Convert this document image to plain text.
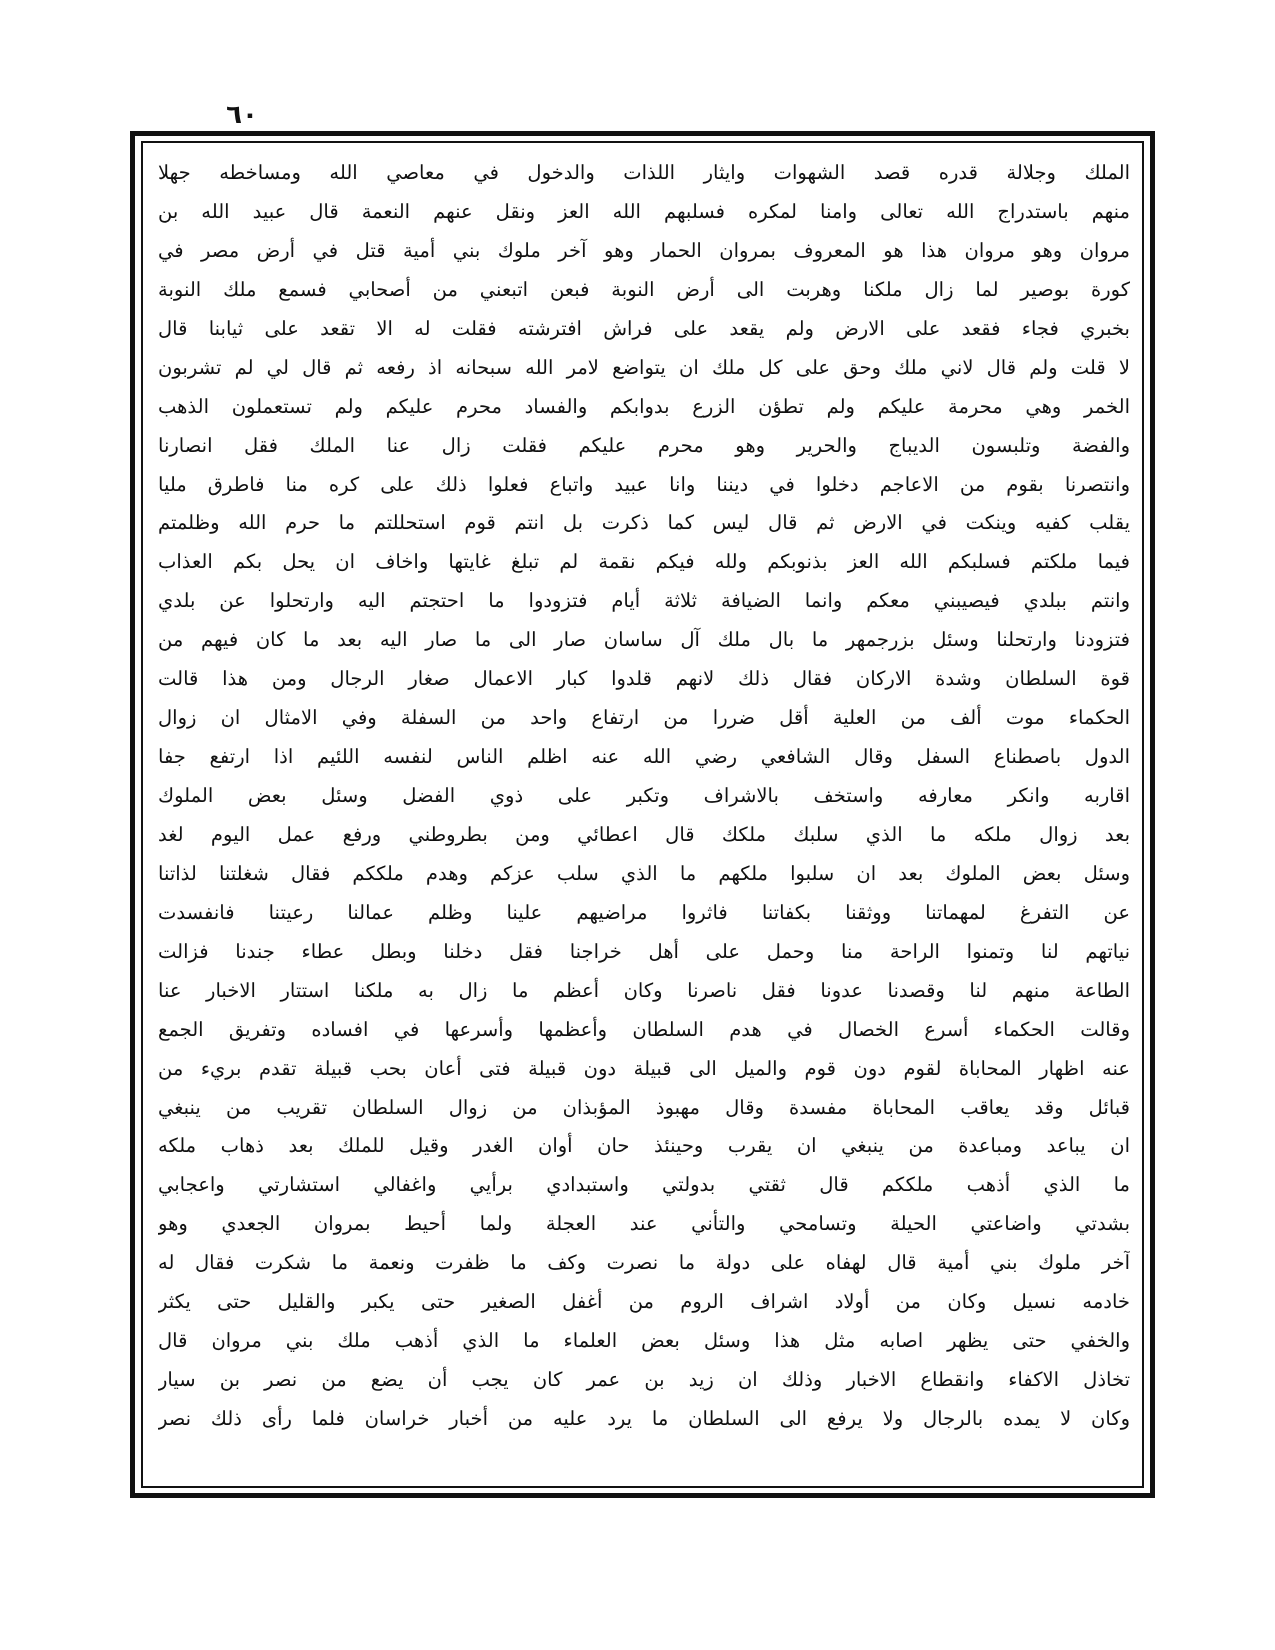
٦٠
الملك وجلالة قدره قصد الشهوات وايثار اللذات والدخول في معاصي الله ومساخطه جهلا
منهم باستدراج الله تعالى وامنا لمكره فسلبهم الله العز ونقل عنهم النعمة قال عبيد الله بن
مروان وهو مروان هذا هو المعروف بمروان الحمار وهو آخر ملوك بني أمية قتل في أرض مصر في
كورة بوصير لما زال ملكنا وهربت الى أرض النوبة فبعن اتبعني من أصحابي فسمع ملك النوبة
بخبري فجاء فقعد على الارض ولم يقعد على فراش افترشته فقلت له الا تقعد على ثيابنا قال
لا قلت ولم قال لاني ملك وحق على كل ملك ان يتواضع لامر الله سبحانه اذ رفعه ثم قال لي لم تشربون
الخمر وهي محرمة عليكم ولم تطؤن الزرع بدوابكم والفساد محرم عليكم ولم تستعملون الذهب
والفضة وتلبسون الديباج والحرير وهو محرم عليكم فقلت زال عنا الملك فقل انصارنا
وانتصرنا بقوم من الاعاجم دخلوا في ديننا وانا عبيد واتباع فعلوا ذلك على كره منا فاطرق مليا
يقلب كفيه وينكت في الارض ثم قال ليس كما ذكرت بل انتم قوم استحللتم ما حرم الله وظلمتم
فيما ملكتم فسلبكم الله العز بذنوبكم ولله فيكم نقمة لم تبلغ غايتها واخاف ان يحل بكم العذاب
وانتم ببلدي فيصيبني معكم وانما الضيافة ثلاثة أيام فتزودوا ما احتجتم اليه وارتحلوا عن بلدي
فتزودنا وارتحلنا وسئل بزرجمهر ما بال ملك آل ساسان صار الى ما صار اليه بعد ما كان فيهم من
قوة السلطان وشدة الاركان فقال ذلك لانهم قلدوا كبار الاعمال صغار الرجال ومن هذا قالت
الحكماء موت ألف من العلية أقل ضررا من ارتفاع واحد من السفلة وفي الامثال ان زوال
الدول باصطناع السفل وقال الشافعي رضي الله عنه اظلم الناس لنفسه اللئيم اذا ارتفع جفا
اقاربه وانكر معارفه واستخف بالاشراف وتكبر على ذوي الفضل وسئل بعض الملوك
بعد زوال ملكه ما الذي سلبك ملكك قال اعطائي ومن بطروطني ورفع عمل اليوم لغد
وسئل بعض الملوك بعد ان سلبوا ملكهم ما الذي سلب عزكم وهدم ملككم فقال شغلتنا لذاتنا
عن التفرغ لمهماتنا ووثقنا بكفاتنا فاثروا مراضيهم علينا وظلم عمالنا رعيتنا فانفسدت
نياتهم لنا وتمنوا الراحة منا وحمل على أهل خراجنا فقل دخلنا وبطل عطاء جندنا فزالت
الطاعة منهم لنا وقصدنا عدونا فقل ناصرنا وكان أعظم ما زال به ملكنا استتار الاخبار عنا
وقالت الحكماء أسرع الخصال في هدم السلطان وأعظمها وأسرعها في افساده وتفريق الجمع
عنه اظهار المحاباة لقوم دون قوم والميل الى قبيلة دون قبيلة فتى أعان بحب قبيلة تقدم بريء من
قبائل وقد يعاقب المحاباة مفسدة وقال مهبوذ المؤبذان من زوال السلطان تقريب من ينبغي
ان يباعد ومباعدة من ينبغي ان يقرب وحينئذ حان أوان الغدر وقيل للملك بعد ذهاب ملكه
ما الذي أذهب ملككم قال ثقتي بدولتي واستبدادي برأيي واغفالي استشارتي واعجابي
بشدتي واضاعتي الحيلة وتسامحي والتأني عند العجلة ولما أحيط بمروان الجعدي وهو
آخر ملوك بني أمية قال لهفاه على دولة ما نصرت وكف ما ظفرت ونعمة ما شكرت فقال له
خادمه نسيل وكان من أولاد اشراف الروم من أغفل الصغير حتى يكبر والقليل حتى يكثر
والخفي حتى يظهر اصابه مثل هذا وسئل بعض العلماء ما الذي أذهب ملك بني مروان قال
تخاذل الاكفاء وانقطاع الاخبار وذلك ان زيد بن عمر كان يجب أن يضع من نصر بن سيار
وكان لا يمده بالرجال ولا يرفع الى السلطان ما يرد عليه من أخبار خراسان فلما رأى ذلك نصر
